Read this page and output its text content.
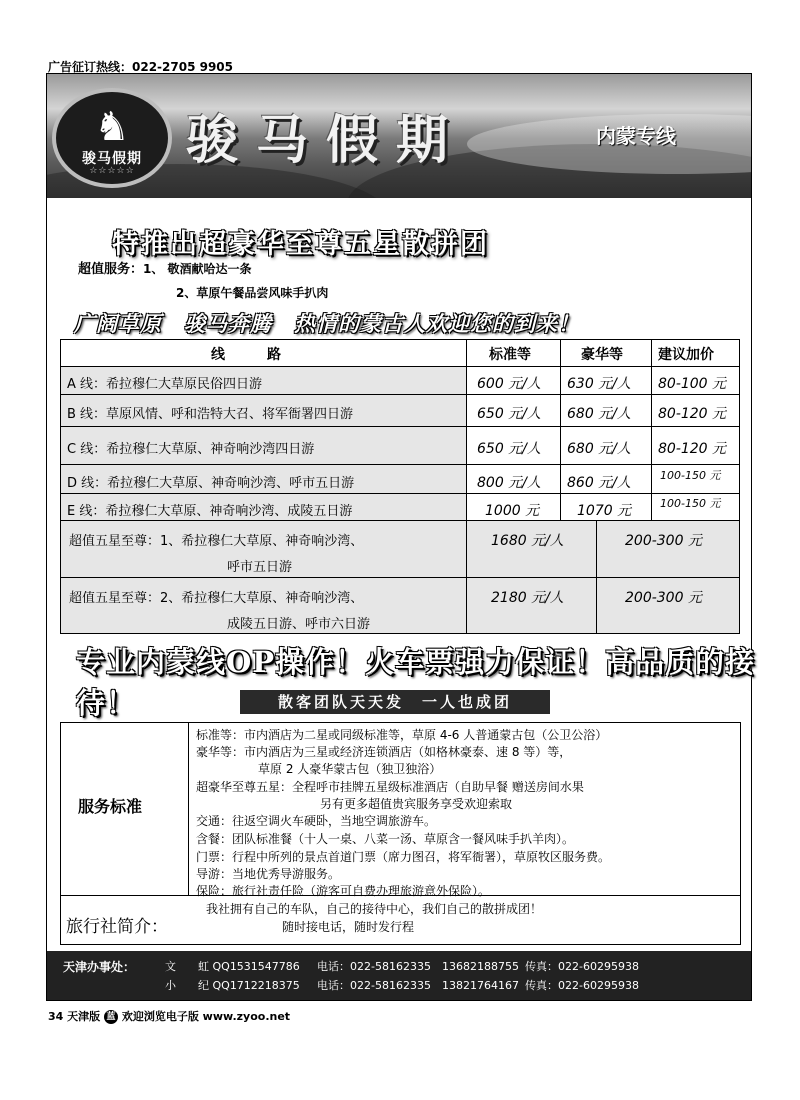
广告征订热线：022-2705 9905
♞
骏马假期
☆☆☆☆☆ 骏马假期	内蒙专线
特推出超豪华至尊五星散拼团
超值服务：1、 敬酒献哈达一条
2、草原午餐品尝风味手扒肉
广阔草原　骏马奔腾　热情的蒙古人欢迎您的到来！
线　　　路	标准等	豪华等	建议加价
A 线：希拉穆仁大草原民俗四日游	600 元/人 630 元/人 80-100 元
B 线：草原风情、呼和浩特大召、将军衙署四日游	650 元/人 680 元/人 80-120 元
C 线：希拉穆仁大草原、神奇响沙湾四日游	650 元/人 680 元/人 80-120 元
D 线：希拉穆仁大草原、神奇响沙湾、呼市五日游	800 元/人 860 元/人	100-150 元
E 线：希拉穆仁大草原、神奇响沙湾、成陵五日游	1000 元	1070 元	100-150 元
超值五星至尊：1、希拉穆仁大草原、神奇响沙湾、
呼市五日游
1680 元/人	200-300 元
超值五星至尊：2、希拉穆仁大草原、神奇响沙湾、
成陵五日游、呼市六日游
2180 元/人	200-300 元
专业内蒙线OP操作！火车票强力保证！高品质的接待！	散客团队天天发　一人也成团
服务标准
标准等：市内酒店为二星或同级标准等，草原 4-6 人普通蒙古包（公卫公浴）
豪华等：市内酒店为三星或经济连锁酒店（如格林豪泰、速 8 等）等，
草原 2 人豪华蒙古包（独卫独浴）
超豪华至尊五星：全程呼市挂牌五星级标准酒店（自助早餐 赠送房间水果
另有更多超值贵宾服务享受欢迎索取
交通：往返空调火车硬卧，当地空调旅游车。
含餐：团队标准餐（十人一桌、八菜一汤、草原含一餐风味手扒羊肉）。
门票：行程中所列的景点首道门票（席力图召，将军衙署），草原牧区服务费。
导游：当地优秀导游服务。
保险：旅行社责任险（游客可自费办理旅游意外保险）。
旅行社简介：
我社拥有自己的车队，自己的接待中心，我们自己的散拼成团！
随时接电话，随时发行程
天津办事处：	文　　虹 QQ1531547786 电话：022-58162335　13682188755 传真：022-60295938
小　　纪 QQ1712218375 电话：022-58162335　13821764167 传真：022-60295938
34 天津版 蓝 欢迎浏览电子版 www.zyoo.net
